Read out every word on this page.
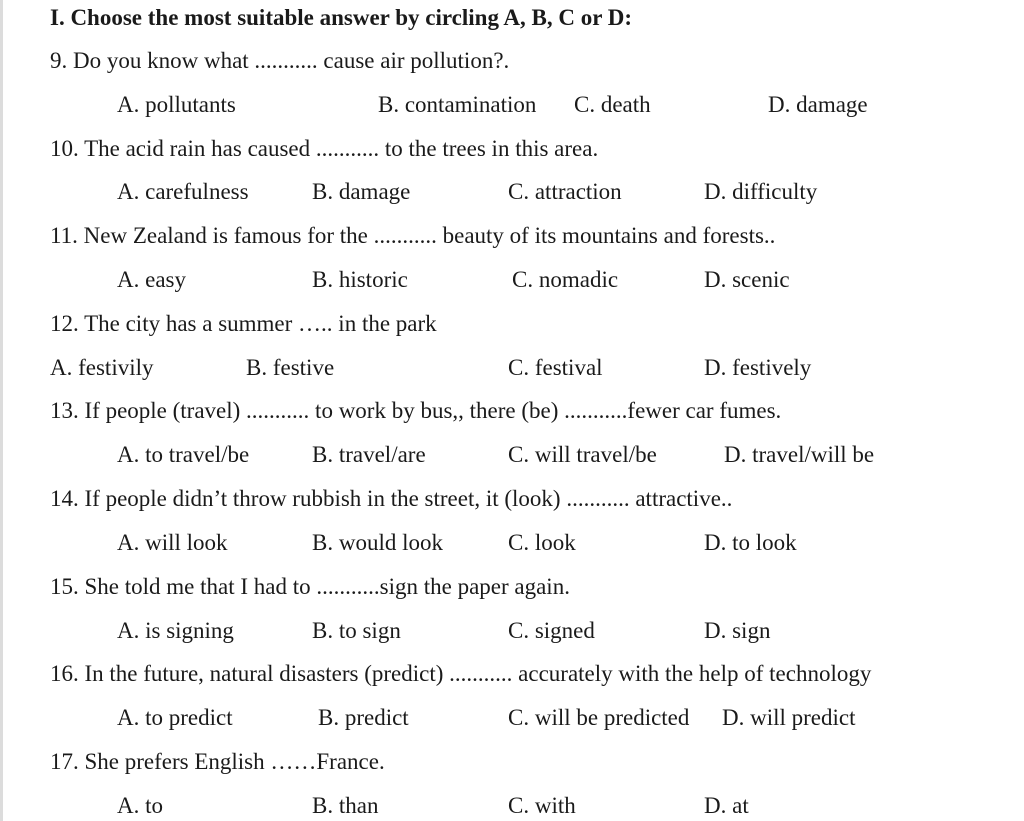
I. Choose the most suitable answer by circling A, B, C or D:
9. Do you know what ........... cause air pollution?.
A. pollutants	B. contamination C. death	D. damage
10. The acid rain has caused ........... to the trees in this area.
A. carefulness	B. damage	C. attraction	D. difficulty
11. New Zealand is famous for the ........... beauty of its mountains and forests..
A. easy	B. historic	C. nomadic	D. scenic
12. The city has a summer ….. in the park
A. festivily	B. festive	C. festival	D. festively
13. If people (travel) ........... to work by bus,, there (be) ...........fewer car fumes.
A. to travel/be	B. travel/are	C. will travel/be	D. travel/will be
14. If people didn’t throw rubbish in the street, it (look) ........... attractive..
A. will look	B. would look	C. look	D. to look
15. She told me that I had to ...........sign the paper again.
A. is signing	B. to sign	C. signed	D. sign
16. In the future, natural disasters (predict) ........... accurately with the help of technology
A. to predict	B. predict	C. will be predicted D. will predict
17. She prefers English ……France.
A. to	B. than	C. with	D. at
